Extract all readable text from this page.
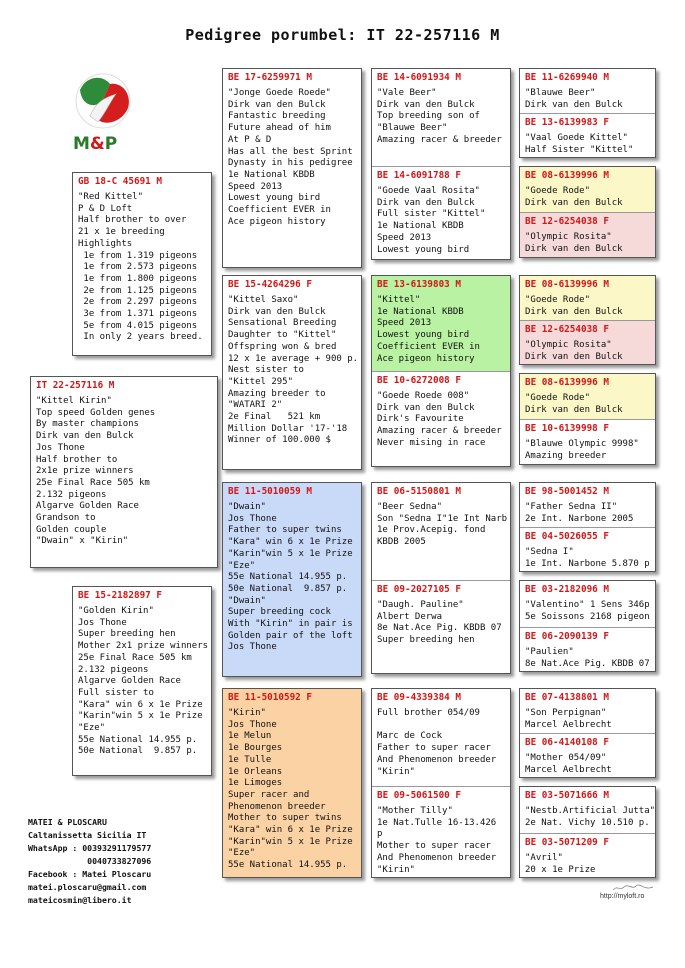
Pedigree porumbel: IT 22-257116 M
M&P
IT 22-257116 M
"Kittel Kirin"
Top speed Golden genes
By master champions
Dirk van den Bulck
Jos Thone
Half brother to
2x1e prize winners
25e Final Race 505 km
2.132 pigeons
Algarve Golden Race
Grandson to
Golden couple
"Dwain" x "Kirin"
GB 18-C 45691 M
"Red Kittel"
P & D Loft
Half brother to over
21 x 1e breeding
Highlights
1e from 1.319 pigeons
1e from 2.573 pigeons
1e from 1.800 pigeons
2e from 1.125 pigeons
2e from 2.297 pigeons
3e from 1.371 pigeons
5e from 4.015 pigeons
In only 2 years breed.
BE 15-2182897 F
"Golden Kirin"
Jos Thone
Super breeding hen
Mother 2x1 prize winners
25e Final Race 505 km
2.132 pigeons
Algarve Golden Race
Full sister to
"Kara" win 6 x 1e Prize
"Karin"win 5 x 1e Prize
"Eze"
55e National 14.955 p.
50e National  9.857 p.
BE 17-6259971 M
"Jonge Goede Roede"
Dirk van den Bulck
Fantastic breeding
Future ahead of him
At P & D
Has all the best Sprint
Dynasty in his pedigree
1e National KBDB
Speed 2013
Lowest young bird
Coefficient EVER in
Ace pigeon history
BE 15-4264296 F
"Kittel Saxo"
Dirk van den Bulck
Sensational Breeding
Daughter to "Kittel"
Offspring won & bred
12 x 1e average + 900 p.
Nest sister to
"Kittel 295"
Amazing breeder to
"WATARI 2"
2e Final   521 km
Million Dollar '17-'18
Winner of 100.000 $
BE 11-5010059 M
"Dwain"
Jos Thone
Father to super twins
"Kara" win 6 x 1e Prize
"Karin"win 5 x 1e Prize
"Eze"
55e National 14.955 p.
50e National  9.857 p.
"Dwain"
Super breeding cock
With "Kirin" in pair is
Golden pair of the loft
Jos Thone
BE 11-5010592 F
"Kirin"
Jos Thone
1e Melun
1e Bourges
1e Tulle
1e Orleans
1e Limoges
Super racer and
Phenomenon breeder
Mother to super twins
"Kara" win 6 x 1e Prize
"Karin"win 5 x 1e Prize
"Eze"
55e National 14.955 p.
BE 14-6091934 M
"Vale Beer"
Dirk van den Bulck
Top breeding son of
"Blauwe Beer"
Amazing racer & breeder
BE 14-6091788 F
"Goede Vaal Rosita"
Dirk van den Bulck
Full sister "Kittel"
1e National KBDB
Speed 2013
Lowest young bird
BE 13-6139803 M
"Kittel"
1e National KBDB
Speed 2013
Lowest young bird
Coefficient EVER in
Ace pigeon history
BE 10-6272008 F
"Goede Roede 008"
Dirk van den Bulck
Dirk's Favourite
Amazing racer & breeder
Never mising in race
BE 06-5150801 M
"Beer Sedna"
Son "Sedna I"1e Int Narb
1e Prov.Acepig. fond
KBDB 2005
BE 09-2027105 F
"Daugh. Pauline"
Albert Derwa
8e Nat.Ace Pig. KBDB 07
Super breeding hen
BE 09-4339384 M
Full brother 054/09

Marc de Cock
Father to super racer
And Phenomenon breeder
"Kirin"
BE 09-5061500 F
"Mother Tilly"
1e Nat.Tulle 16-13.426
p
Mother to super racer
And Phenomenon breeder
"Kirin"
BE 11-6269940 M
"Blauwe Beer"
Dirk van den Bulck
BE 13-6139983 F
"Vaal Goede Kittel"
Half Sister "Kittel"
BE 08-6139996 M
"Goede Rode"
Dirk van den Bulck
BE 12-6254038 F
"Olympic Rosita"
Dirk van den Bulck
BE 08-6139996 M
"Goede Rode"
Dirk van den Bulck
BE 12-6254038 F
"Olympic Rosita"
Dirk van den Bulck
BE 08-6139996 M
"Goede Rode"
Dirk van den Bulck
BE 10-6139998 F
"Blauwe Olympic 9998"
Amazing breeder
BE 98-5001452 M
"Father Sedna II"
2e Int. Narbone 2005
BE 04-5026055 F
"Sedna I"
1e Int. Narbone 5.870 p
BE 03-2182096 M
"Valentino" 1 Sens 346p
5e Soissons 2168 pigeon
BE 06-2090139 F
"Paulien"
8e Nat.Ace Pig. KBDB 07
BE 07-4138801 M
"Son Perpignan"
Marcel Aelbrecht
BE 06-4140108 F
"Mother 054/09"
Marcel Aelbrecht
BE 03-5071666 M
"Nestb.Artificial Jutta"
2e Nat. Vichy 10.510 p.
BE 03-5071209 F
"Avril"
20 x 1e Prize
MATEI & PLOSCARU
Caltanissetta Sicilia IT
WhatsApp : 00393291179577
0040733827096
Facebook : Matei Ploscaru
matei.ploscaru@gmail.com
mateicosmin@libero.it	http://myloft.ro
